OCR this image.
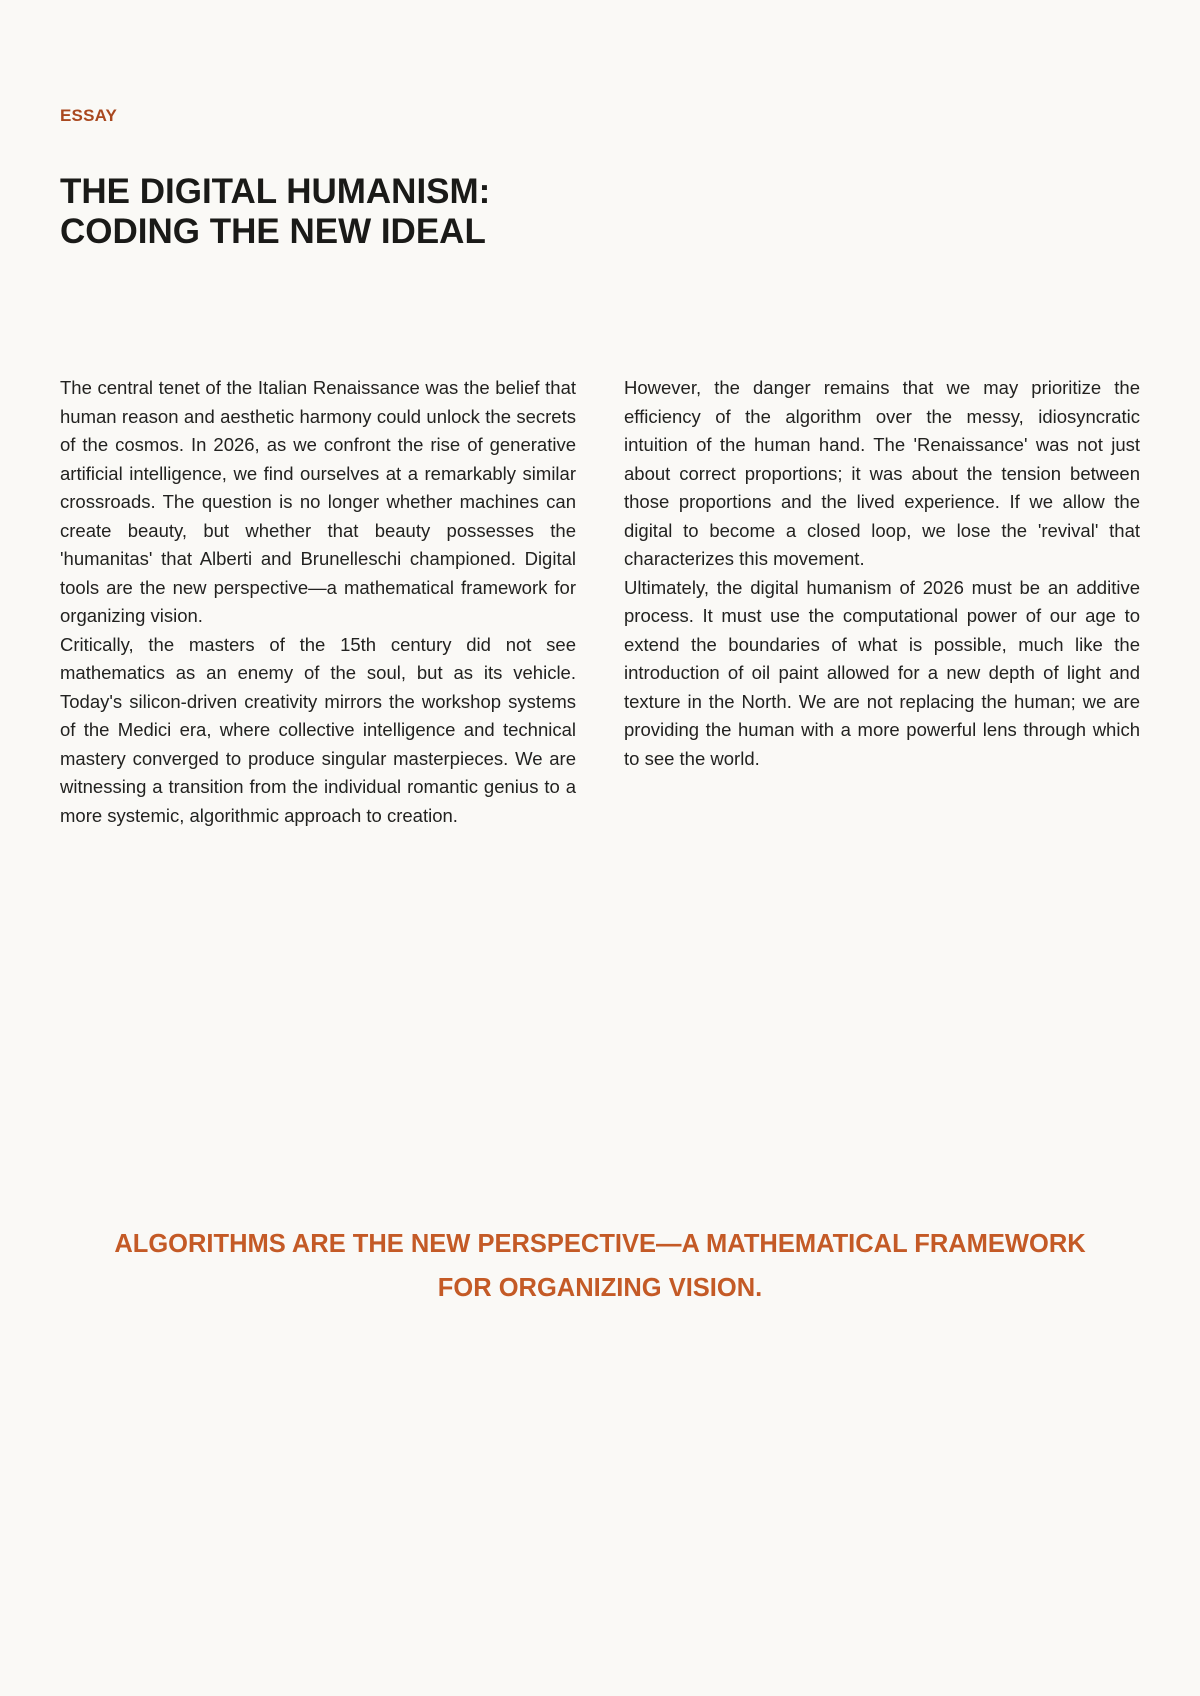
ESSAY
THE DIGITAL HUMANISM:
CODING THE NEW IDEAL

The central tenet of the Italian Renaissance was the belief that human reason and aesthetic harmony could unlock the secrets of the cosmos. In 2026, as we confront the rise of generative artificial intelligence, we find ourselves at a remarkably similar crossroads. The question is no longer whether machines can create beauty, but whether that beauty possesses the 'humanitas' that Alberti and Brunelleschi championed. Digital tools are the new perspective—a mathematical framework for organizing vision.

Critically, the masters of the 15th century did not see mathematics as an enemy of the soul, but as its vehicle. Today's silicon-driven creativity mirrors the workshop systems of the Medici era, where collective intelligence and technical mastery converged to produce singular masterpieces. We are witnessing a transition from the individual romantic genius to a more systemic, algorithmic approach to creation.

However, the danger remains that we may prioritize the efficiency of the algorithm over the messy, idiosyncratic intuition of the human hand. The 'Renaissance' was not just about correct proportions; it was about the tension between those proportions and the lived experience. If we allow the digital to become a closed loop, we lose the 'revival' that characterizes this movement.

Ultimately, the digital humanism of 2026 must be an additive process. It must use the computational power of our age to extend the boundaries of what is possible, much like the introduction of oil paint allowed for a new depth of light and texture in the North. We are not replacing the human; we are providing the human with a more powerful lens through which to see the world.

ALGORITHMS ARE THE NEW PERSPECTIVE—A MATHEMATICAL FRAMEWORK
FOR ORGANIZING VISION.
